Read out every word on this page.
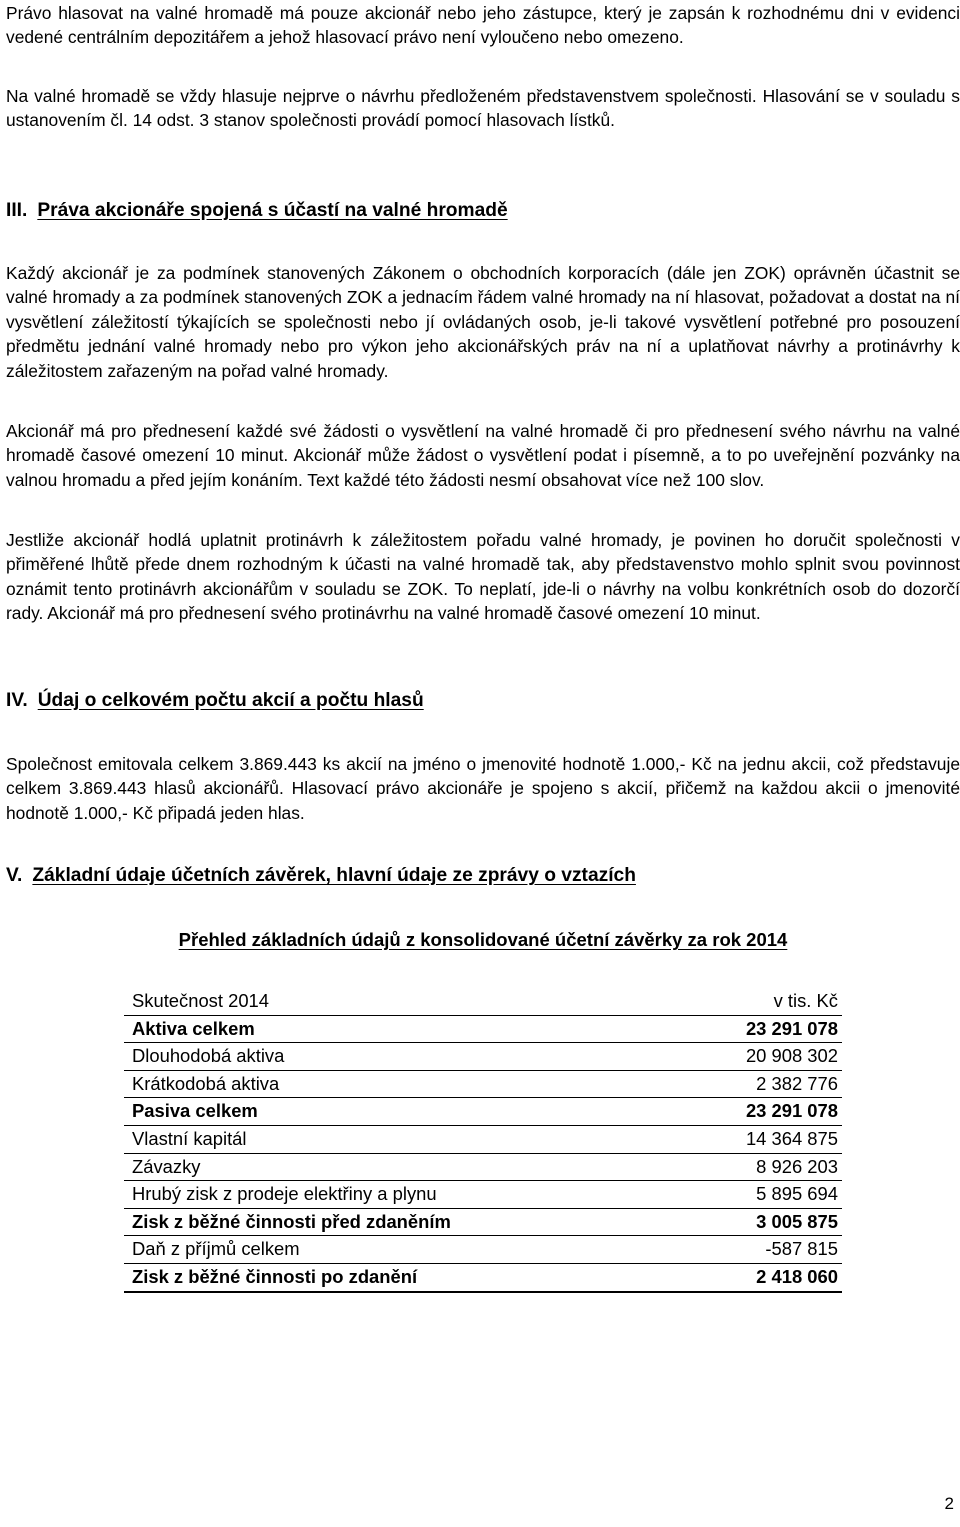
Právo hlasovat na valné hromadě má pouze akcionář nebo jeho zástupce, který je zapsán k rozhodnému dni v evidenci vedené centrálním depozitářem a jehož hlasovací právo není vyloučeno nebo omezeno.

Na valné hromadě se vždy hlasuje nejprve o návrhu předloženém představenstvem společnosti. Hlasování se v souladu s ustanovením čl. 14 odst. 3 stanov společnosti provádí pomocí hlasovach lístků.

III. Práva akcionáře spojená s účastí na valné hromadě

Každý akcionář je za podmínek stanovených Zákonem o obchodních korporacích (dále jen ZOK) oprávněn účastnit se valné hromady a za podmínek stanovených ZOK a jednacím řádem valné hromady na ní hlasovat, požadovat a dostat na ní vysvětlení záležitostí týkajících se společnosti nebo jí ovládaných osob, je-li takové vysvětlení potřebné pro posouzení předmětu jednání valné hromady nebo pro výkon jeho akcionářských práv na ní a uplatňovat návrhy a protinávrhy k záležitostem zařazeným na pořad valné hromady.

Akcionář má pro přednesení každé své žádosti o vysvětlení na valné hromadě či pro přednesení svého návrhu na valné hromadě časové omezení 10 minut. Akcionář může žádost o vysvětlení podat i písemně, a to po uveřejnění pozvánky na valnou hromadu a před jejím konáním. Text každé této žádosti nesmí obsahovat více než 100 slov.

Jestliže akcionář hodlá uplatnit protinávrh k záležitostem pořadu valné hromady, je povinen ho doručit společnosti v přiměřené lhůtě přede dnem rozhodným k účasti na valné hromadě tak, aby představenstvo mohlo splnit svou povinnost oznámit tento protinávrh akcionářům v souladu se ZOK. To neplatí, jde-li o návrhy na volbu konkrétních osob do dozorčí rady. Akcionář má pro přednesení svého protinávrhu na valné hromadě časové omezení 10 minut.

IV. Údaj o celkovém počtu akcií a počtu hlasů

Společnost emitovala celkem 3.869.443 ks akcií na jméno o jmenovité hodnotě 1.000,- Kč na jednu akcii, což představuje celkem 3.869.443 hlasů akcionářů. Hlasovací právo akcionáře je spojeno s akcií, přičemž na každou akcii o jmenovité hodnotě 1.000,- Kč připadá jeden hlas.

V. Základní údaje účetních závěrek, hlavní údaje ze zprávy o vztazích

Přehled základních údajů z konsolidované účetní závěrky za rok 2014

Skutečnost 2014	v tis. Kč
Aktiva celkem	23 291 078
Dlouhodobá aktiva	20 908 302
Krátkodobá aktiva	2 382 776
Pasiva celkem	23 291 078
Vlastní kapitál	14 364 875
Závazky	8 926 203
Hrubý zisk z prodeje elektřiny a plynu	5 895 694
Zisk z běžné činnosti před zdaněním	3 005 875
Daň z příjmů celkem	-587 815
Zisk z běžné činnosti po zdanění	2 418 060
2
